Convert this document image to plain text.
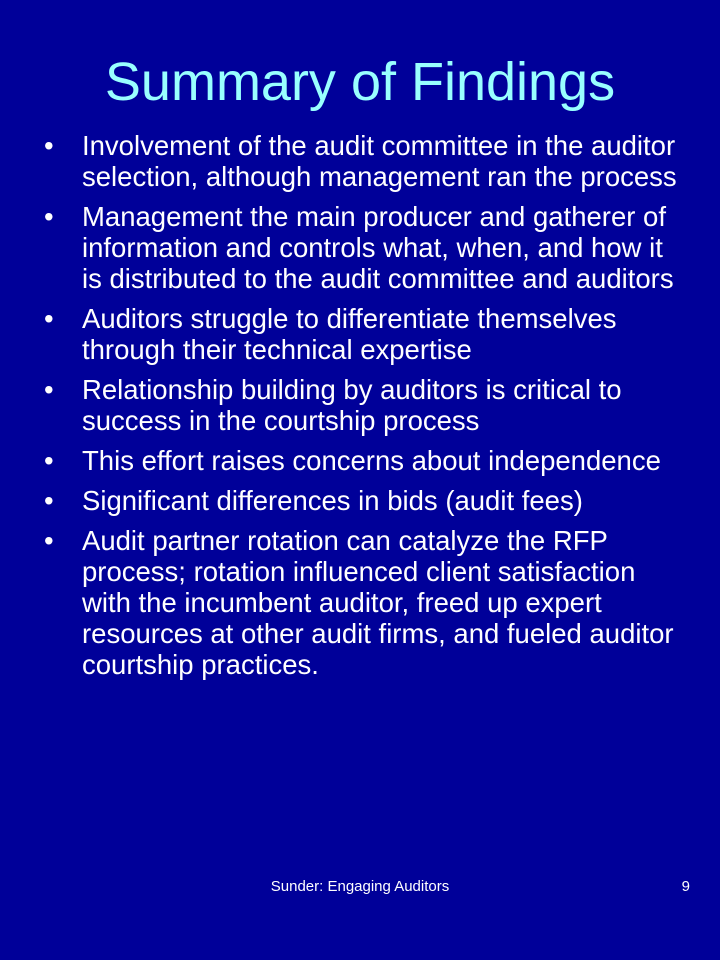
Summary of Findings
• Involvement of the audit committee in the auditor selection, although management ran the process
• Management the main producer and gatherer of information and controls what, when, and how it is distributed to the audit committee and auditors
• Auditors struggle to differentiate themselves through their technical expertise
• Relationship building by auditors is critical to success in the courtship process
• This effort raises concerns about independence
• Significant differences in bids (audit fees)
• Audit partner rotation can catalyze the RFP process; rotation influenced client satisfaction with the incumbent auditor, freed up expert resources at other audit firms, and fueled auditor courtship practices.
Sunder: Engaging Auditors	9
